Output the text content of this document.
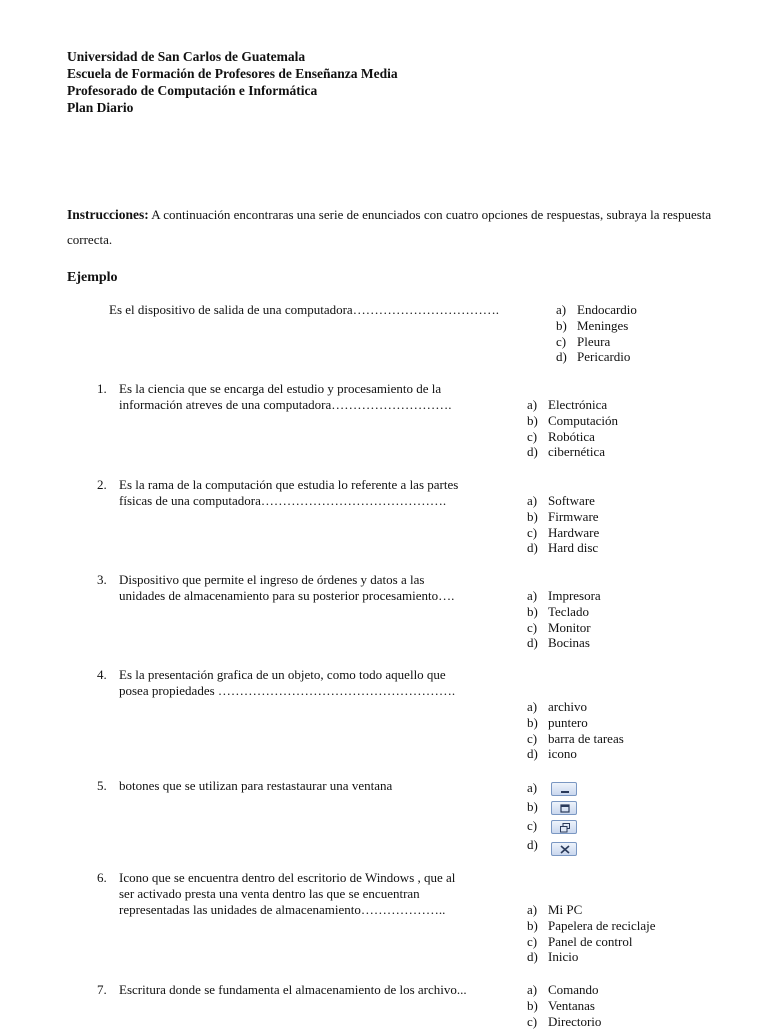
Universidad de San Carlos de Guatemala
Escuela de Formación de Profesores de Enseñanza Media
Profesorado de Computación e Informática
Plan Diario
Instrucciones: A continuación encontraras una serie de enunciados con cuatro opciones de respuestas, subraya la respuesta correcta.
Ejemplo
Es el dispositivo de salida de una computadora…………………………….	a) Endocardio
b) Meninges
c) Pleura
d) Pericardio
1. Es la ciencia que se encarga del estudio y procesamiento de la
información atreves de una computadora……………………….	a) Electrónica
b) Computación
c) Robótica
d) cibernética
2. Es la rama de la computación que estudia lo referente a las partes
físicas de una computadora…………………………………….	a) Software
b) Firmware
c) Hardware
d) Hard disc
3. Dispositivo que permite el ingreso de órdenes y datos a las
unidades de almacenamiento para su posterior procesamiento….	a) Impresora
b) Teclado
c) Monitor
d) Bocinas
4. Es la presentación grafica de un objeto, como todo aquello que
posea propiedades ……………………………………………….
a) archivo
b) puntero
c) barra de tareas
d) icono
5. botones que se utilizan para restastaurar una ventana	a)
b)
c)
d)
6. Icono que se encuentra dentro del escritorio de Windows , que al
ser activado presta una venta dentro las que se encuentran
representadas las unidades de almacenamiento………………..	a) Mi PC
b) Papelera de reciclaje
c) Panel de control
d) Inicio
7. Escritura donde se fundamenta el almacenamiento de los archivo...	a) Comando
b) Ventanas
c) Directorio
